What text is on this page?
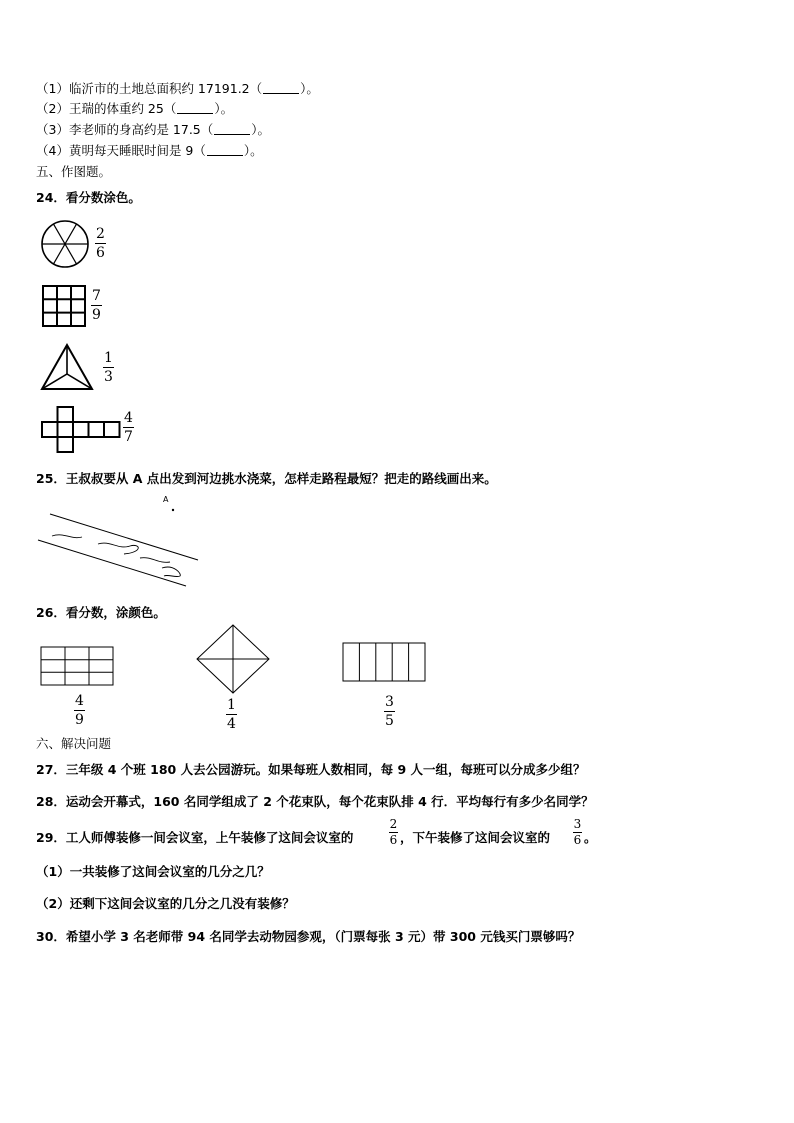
（1）临沂市的土地总面积约 17191.2（	）。
（2）王瑞的体重约 25（	）。
（3）李老师的身高约是 17.5（	）。
（4）黄明每天睡眠时间是 9（	）。
五、作图题。
24．看分数涂色。
2
6
7
9
1
3
4
7
25．王叔叔要从 A 点出发到河边挑水浇菜，怎样走路程最短？把走的路线画出来。
A
26．看分数，涂颜色。
4
9
1
4
3
5
六、解决问题
27．三年级 4 个班 180 人去公园游玩。如果每班人数相同，每 9 人一组，每班可以分成多少组？
28．运动会开幕式，160 名同学组成了 2 个花束队，每个花束队排 4 行．平均每行有多少名同学？
29．工人师傅装修一间会议室，上午装修了这间会议室的
2
6 ，下午装修了这间会议室的
3
6 。
（1）一共装修了这间会议室的几分之几？
（2）还剩下这间会议室的几分之几没有装修？
30．希望小学 3 名老师带 94 名同学去动物园参观，（门票每张 3 元）带 300 元钱买门票够吗？
